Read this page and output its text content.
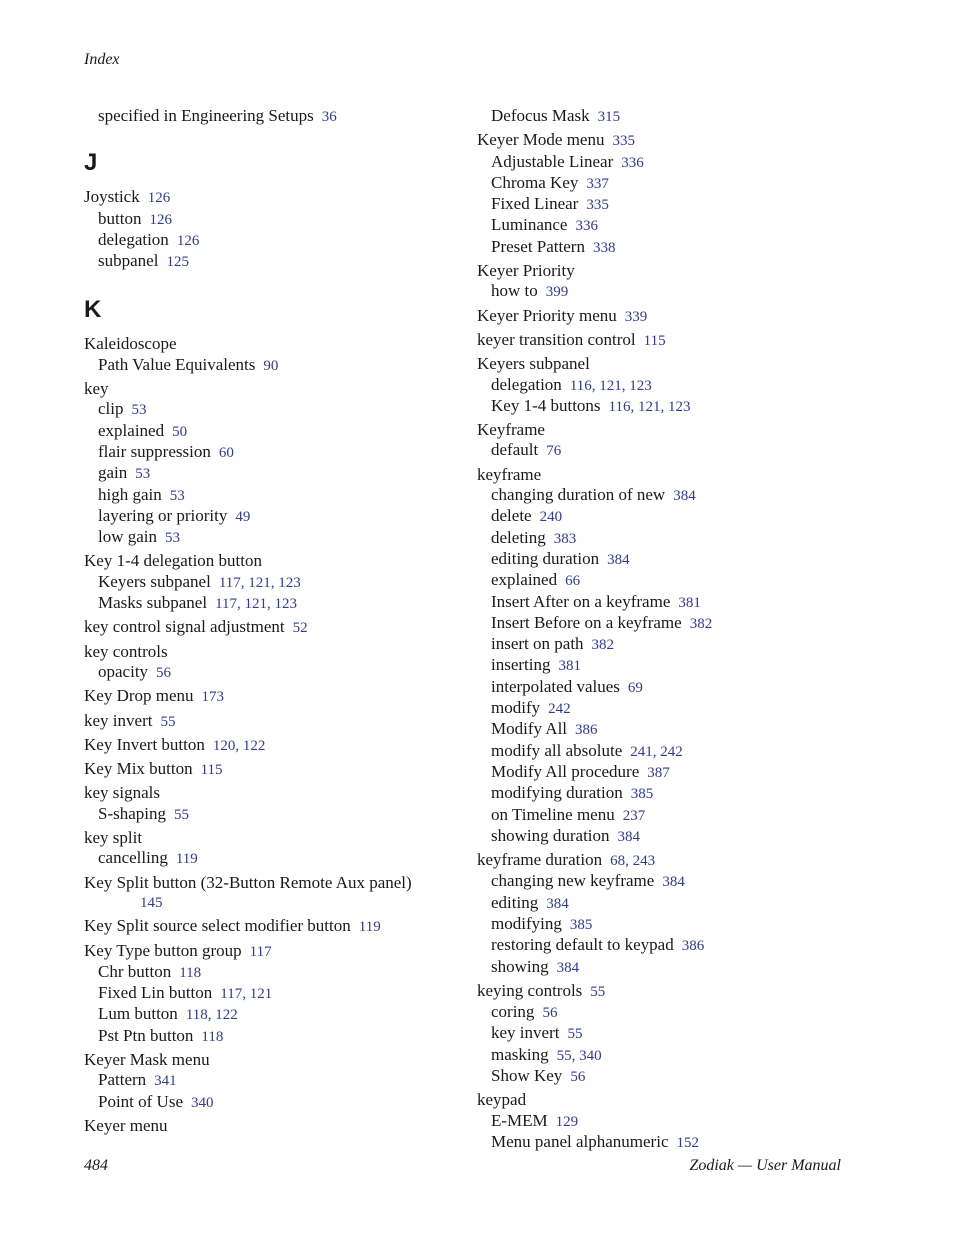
Index
specified in Engineering Setups 36
J
Joystick 126
button 126
delegation 126
subpanel 125
K
Kaleidoscope
Path Value Equivalents 90
key
clip 53
explained 50
flair suppression 60
gain 53
high gain 53
layering or priority 49
low gain 53
Key 1-4 delegation button
Keyers subpanel 117, 121, 123
Masks subpanel 117, 121, 123
key control signal adjustment 52
key controls
opacity 56
Key Drop menu 173
key invert 55
Key Invert button 120, 122
Key Mix button 115
key signals
S-shaping 55
key split
cancelling 119
Key Split button (32-Button Remote Aux panel)
145
Key Split source select modifier button 119
Key Type button group 117
Chr button 118
Fixed Lin button 117, 121
Lum button 118, 122
Pst Ptn button 118
Keyer Mask menu
Pattern 341
Point of Use 340
Keyer menu
Defocus Mask 315
Keyer Mode menu 335
Adjustable Linear 336
Chroma Key 337
Fixed Linear 335
Luminance 336
Preset Pattern 338
Keyer Priority
how to 399
Keyer Priority menu 339
keyer transition control 115
Keyers subpanel
delegation 116, 121, 123
Key 1-4 buttons 116, 121, 123
Keyframe
default 76
keyframe
changing duration of new 384
delete 240
deleting 383
editing duration 384
explained 66
Insert After on a keyframe 381
Insert Before on a keyframe 382
insert on path 382
inserting 381
interpolated values 69
modify 242
Modify All 386
modify all absolute 241, 242
Modify All procedure 387
modifying duration 385
on Timeline menu 237
showing duration 384
keyframe duration 68, 243
changing new keyframe 384
editing 384
modifying 385
restoring default to keypad 386
showing 384
keying controls 55
coring 56
key invert 55
masking 55, 340
Show Key 56
keypad
E-MEM 129
Menu panel alphanumeric 152
484	Zodiak — User Manual
